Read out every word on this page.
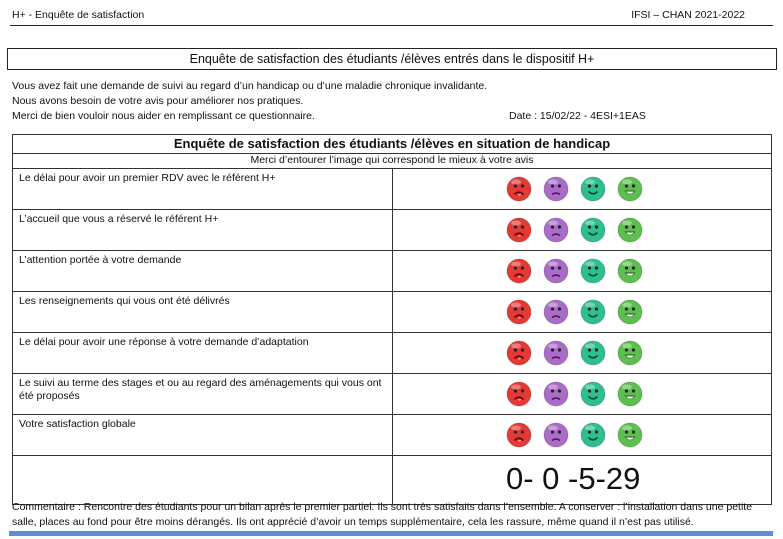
H+ - Enquête de satisfaction	IFSI – CHAN 2021-2022
Enquête de satisfaction des étudiants /élèves entrés dans le dispositif H+
Vous avez fait une demande de suivi au regard d’un handicap ou d’une maladie chronique invalidante.
Nous avons besoin de votre avis pour améliorer nos pratiques.
Merci de bien vouloir nous aider en remplissant ce questionnaire.	Date : 15/02/22 - 4ESI+1EAS
Enquête de satisfaction des étudiants /élèves en situation de handicap	
Merci d’entourer l’image qui correspond le mieux à votre avis	
Le délai pour avoir un premier RDV avec le référent H+	

L’accueil que vous a réservé le référent H+	

L’attention portée à votre demande	

Les renseignements qui vous ont été délivrés	

Le délai pour avoir une réponse à votre demande d’adaptation	

Le suivi au terme des stages et ou au regard des aménagements qui vous ont été proposés	

Votre satisfaction globale	

	0- 0 -5-29
Commentaire : Rencontre des étudiants pour un bilan après le premier partiel. Ils sont très satisfaits dans l’ensemble. A conserver : l’installation dans une petite salle, places au fond pour être moins dérangés. Ils ont apprécié d’avoir un temps supplémentaire, cela les rassure, même quand il n’est pas utilisé.
